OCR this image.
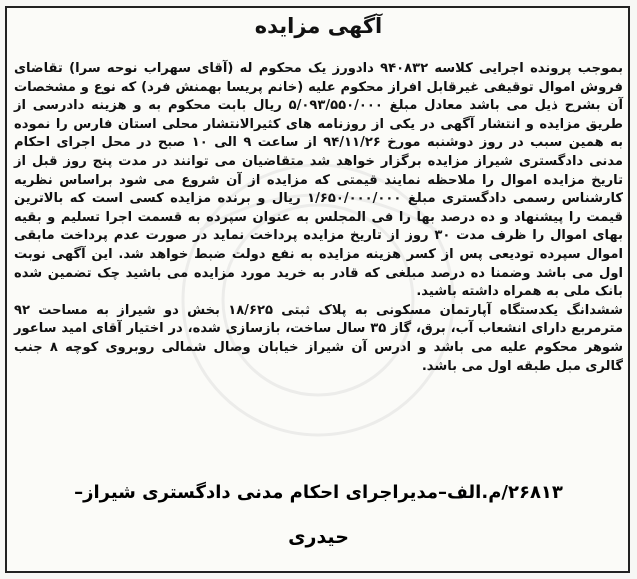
آگهی مزایده

بموجب پرونده اجرایی کلاسه ۹۴۰۸۳۲ دادورز یک محکوم له (آقای سهراب نوحه سرا) تقاضای فروش اموال توقیفی غیرقابل افراز محکوم علیه (خانم پریسا بهمنش فرد) که نوع و مشخصات آن بشرح ذیل می باشد معادل مبلغ ۵/۰۹۳/۵۵۰/۰۰۰ ریال بابت محکوم به و هزینه دادرسی از طریق مزایده و انتشار آگهی در یکی از روزنامه های کثیرالانتشار محلی استان فارس را نموده به همین سبب در روز دوشنبه مورخ ۹۴/۱۱/۲۶ از ساعت ۹ الی ۱۰ صبح در محل اجرای احکام مدنی دادگستری شیراز مزایده برگزار خواهد شد متقاضیان می توانند در مدت پنج روز قبل از تاریخ مزایده اموال را ملاحظه نمایند قیمتی که مزایده از آن شروع می شود براساس نظریه کارشناس رسمی دادگستری مبلغ ۱/۶۵۰/۰۰۰/۰۰۰ ریال و برنده مزایده کسی است که بالاترین قیمت را پیشنهاد و ده درصد بها را فی المجلس به عنوان سپرده به قسمت اجرا تسلیم و بقیه بهای اموال را ظرف مدت ۳۰ روز از تاریخ مزایده پرداخت نماید در صورت عدم پرداخت مابقی اموال سپرده تودیعی پس از کسر هزینه مزایده به نفع دولت ضبط خواهد شد. این آگهی نوبت اول می باشد وضمنا ده درصد مبلغی که قادر به خرید مورد مزایده می باشید چک تضمین شده بانک ملی به همراه داشته باشید.

ششدانگ یکدستگاه آپارتمان مسکونی به پلاک ثبتی ۱۸/۶۲۵ بخش دو شیراز به مساحت ۹۲ مترمربع دارای انشعاب آب، برق، گاز ۳۵ سال ساخت، بازسازی شده، در اختیار آقای امید ساعور شوهر محکوم علیه می باشد و ادرس آن شیراز خیابان وصال شمالی روبروی کوچه ۸ جنب گالری مبل طبقه اول می باشد.

۲۶۸۱۳/م.الف–مدیراجرای احکام مدنی دادگستری شیراز–
حیدری
